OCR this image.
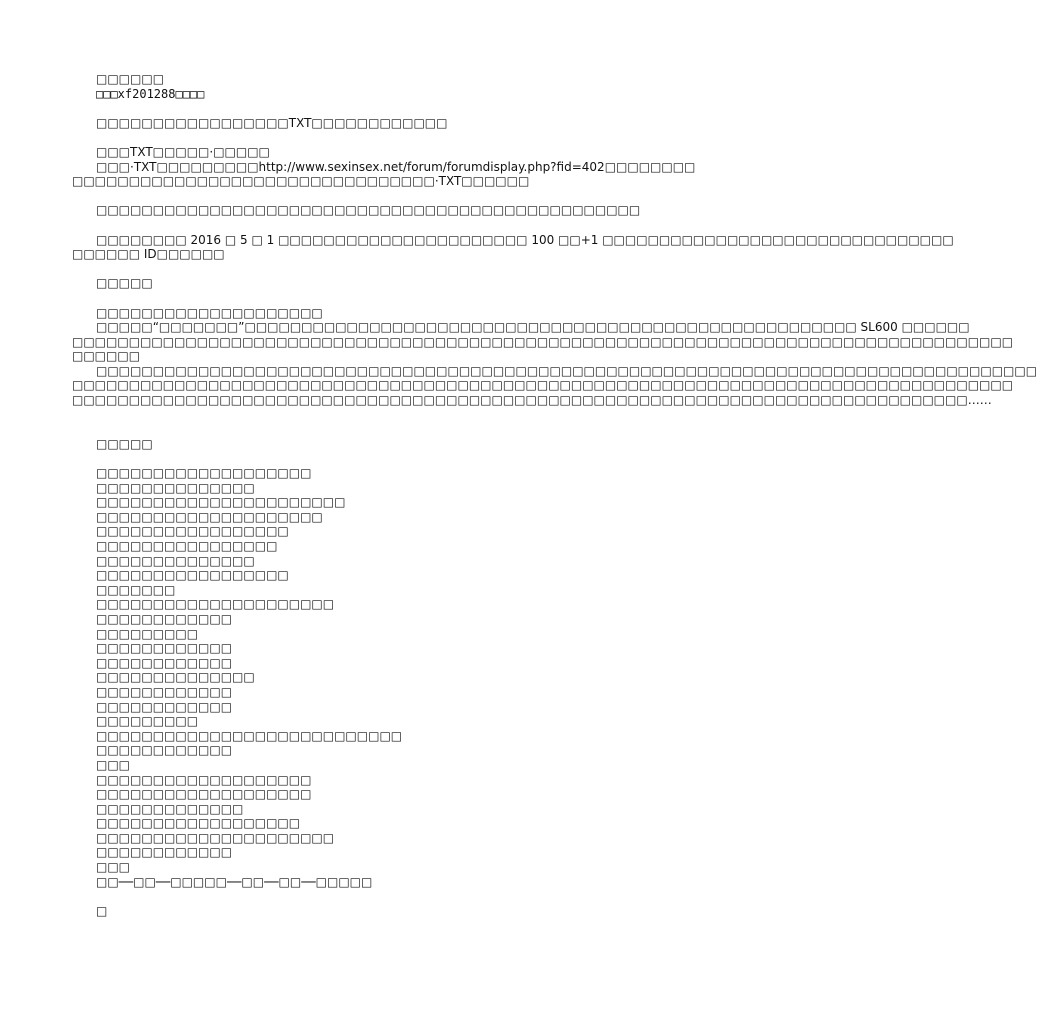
□□□□□□
□□□xf201288□□□□
□□□□□□□□□□□□□□□□□TXT□□□□□□□□□□□□
□□□TXT□□□□□·□□□□□
□□□·TXT□□□□□□□□□http://www.sexinsex.net/forum/forumdisplay.php?fid=402□□□□□□□□
□□□□□□□□□□□□□□□□□□□□□□□□□□□□□□□□·TXT□□□□□□
□□□□□□□□□□□□□□□□□□□□□□□□□□□□□□□□□□□□□□□□□□□□□□□□
□□□□□□□□ 2016 □ 5 □ 1 □□□□□□□□□□□□□□□□□□□□□□ 100 □□+1 □□□□□□□□□□□□□□□□□□□□□□□□□□□□□□□
□□□□□□ ID□□□□□□
□□□□□
□□□□□□□□□□□□□□□□□□□□
□□□□□“□□□□□□□”□□□□□□□□□□□□□□□□□□□□□□□□□□□□□□□□□□□□□□□□□□□□□□□□□□□□□□ SL600 □□□□□□
□□□□□□□□□□□□□□□□□□□□□□□□□□□□□□□□□□□□□□□□□□□□□□□□□□□□□□□□□□□□□□□□□□□□□□□□□□□□□□□□□□□
□□□□□□
□□□□□□□□□□□□□□□□□□□□□□□□□□□□□□□□□□□□□□□□□□□□□□□□□□□□□□□□□□□□□□□□□□□□□□□□□□□□□□□□□□□
□□□□□□□□□□□□□□□□□□□□□□□□□□□□□□□□□□□□□□□□□□□□□□□□□□□□□□□□□□□□□□□□□□□□□□□□□□□□□□□□□□□
□□□□□□□□□□□□□□□□□□□□□□□□□□□□□□□□□□□□□□□□□□□□□□□□□□□□□□□□□□□□□□□□□□□□□□□□□□□□□□□……
□□□□□
□□□□□□□□□□□□□□□□□□□
□□□□□□□□□□□□□□
□□□□□□□□□□□□□□□□□□□□□□
□□□□□□□□□□□□□□□□□□□□
□□□□□□□□□□□□□□□□□
□□□□□□□□□□□□□□□□
□□□□□□□□□□□□□□
□□□□□□□□□□□□□□□□□
□□□□□□□
□□□□□□□□□□□□□□□□□□□□□
□□□□□□□□□□□□
□□□□□□□□□
□□□□□□□□□□□□
□□□□□□□□□□□□
□□□□□□□□□□□□□□
□□□□□□□□□□□□
□□□□□□□□□□□□
□□□□□□□□□
□□□□□□□□□□□□□□□□□□□□□□□□□□□
□□□□□□□□□□□□
□□□
□□□□□□□□□□□□□□□□□□□
□□□□□□□□□□□□□□□□□□□
□□□□□□□□□□□□□
□□□□□□□□□□□□□□□□□□
□□□□□□□□□□□□□□□□□□□□□
□□□□□□□□□□□□
□□□
□□──□□──□□□□□──□□──□□──□□□□□
□
